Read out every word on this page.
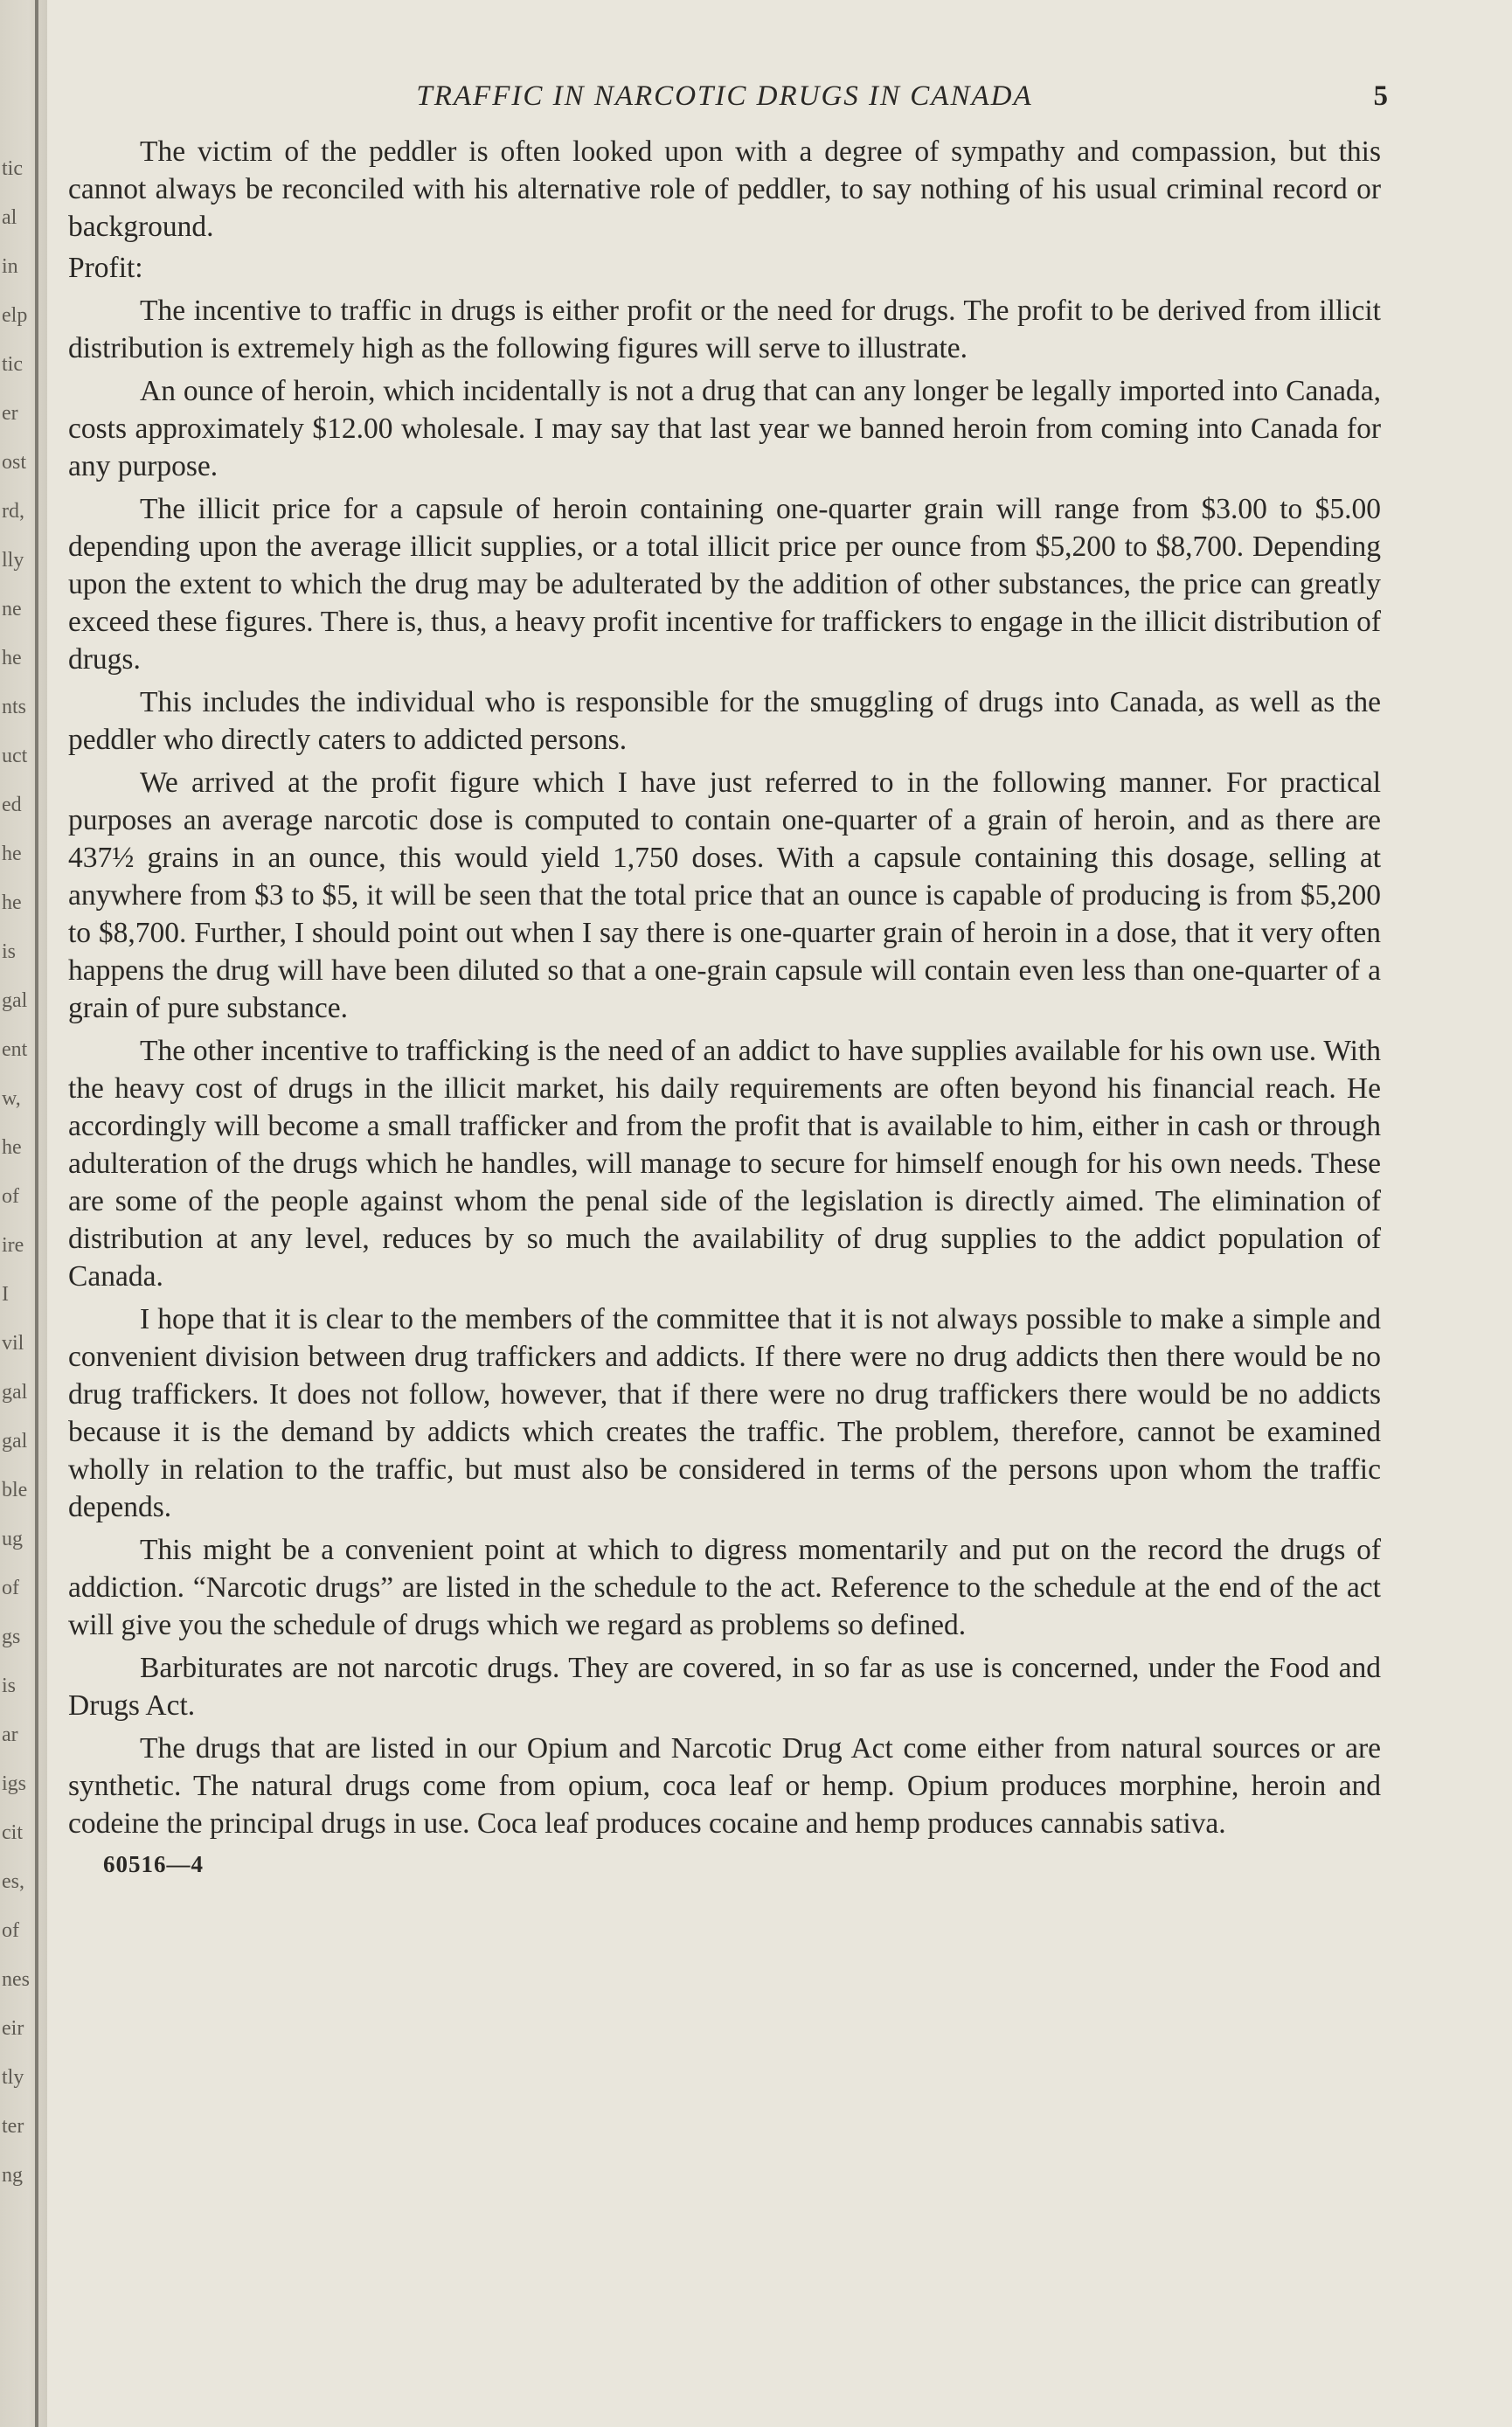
tic
al
in
elp
tic
er
ost
rd,
lly
ne
he
nts
uct
ed
he
he
is
gal
ent
w,
he
of
ire
I
vil
gal
gal
ble
ug
of
gs
is
ar
igs
cit
es,
of
nes
eir
tly
ter
ng
TRAFFIC IN NARCOTIC DRUGS IN CANADA	5

The victim of the peddler is often looked upon with a degree of sympathy and compassion, but this cannot always be reconciled with his alternative role of peddler, to say nothing of his usual criminal record or background.

Profit:

The incentive to traffic in drugs is either profit or the need for drugs. The profit to be derived from illicit distribution is extremely high as the following figures will serve to illustrate.

An ounce of heroin, which incidentally is not a drug that can any longer be legally imported into Canada, costs approximately $12.00 wholesale. I may say that last year we banned heroin from coming into Canada for any purpose.

The illicit price for a capsule of heroin containing one-quarter grain will range from $3.00 to $5.00 depending upon the average illicit supplies, or a total illicit price per ounce from $5,200 to $8,700. Depending upon the extent to which the drug may be adulterated by the addition of other substances, the price can greatly exceed these figures. There is, thus, a heavy profit incentive for traffickers to engage in the illicit distribution of drugs.

This includes the individual who is responsible for the smuggling of drugs into Canada, as well as the peddler who directly caters to addicted persons.

We arrived at the profit figure which I have just referred to in the following manner. For practical purposes an average narcotic dose is computed to contain one-quarter of a grain of heroin, and as there are 437½ grains in an ounce, this would yield 1,750 doses. With a capsule containing this dosage, selling at anywhere from $3 to $5, it will be seen that the total price that an ounce is capable of producing is from $5,200 to $8,700. Further, I should point out when I say there is one-quarter grain of heroin in a dose, that it very often happens the drug will have been diluted so that a one-grain capsule will contain even less than one-quarter of a grain of pure substance.

The other incentive to trafficking is the need of an addict to have supplies available for his own use. With the heavy cost of drugs in the illicit market, his daily requirements are often beyond his financial reach. He accordingly will become a small trafficker and from the profit that is available to him, either in cash or through adulteration of the drugs which he handles, will manage to secure for himself enough for his own needs. These are some of the people against whom the penal side of the legislation is directly aimed. The elimination of distribution at any level, reduces by so much the availability of drug supplies to the addict population of Canada.

I hope that it is clear to the members of the committee that it is not always possible to make a simple and convenient division between drug traffickers and addicts. If there were no drug addicts then there would be no drug traffickers. It does not follow, however, that if there were no drug traffickers there would be no addicts because it is the demand by addicts which creates the traffic. The problem, therefore, cannot be examined wholly in relation to the traffic, but must also be considered in terms of the persons upon whom the traffic depends.

This might be a convenient point at which to digress momentarily and put on the record the drugs of addiction. “Narcotic drugs” are listed in the schedule to the act. Reference to the schedule at the end of the act will give you the schedule of drugs which we regard as problems so defined.

Barbiturates are not narcotic drugs. They are covered, in so far as use is concerned, under the Food and Drugs Act.

The drugs that are listed in our Opium and Narcotic Drug Act come either from natural sources or are synthetic. The natural drugs come from opium, coca leaf or hemp. Opium produces morphine, heroin and codeine the principal drugs in use. Coca leaf produces cocaine and hemp produces cannabis sativa.

60516—4
